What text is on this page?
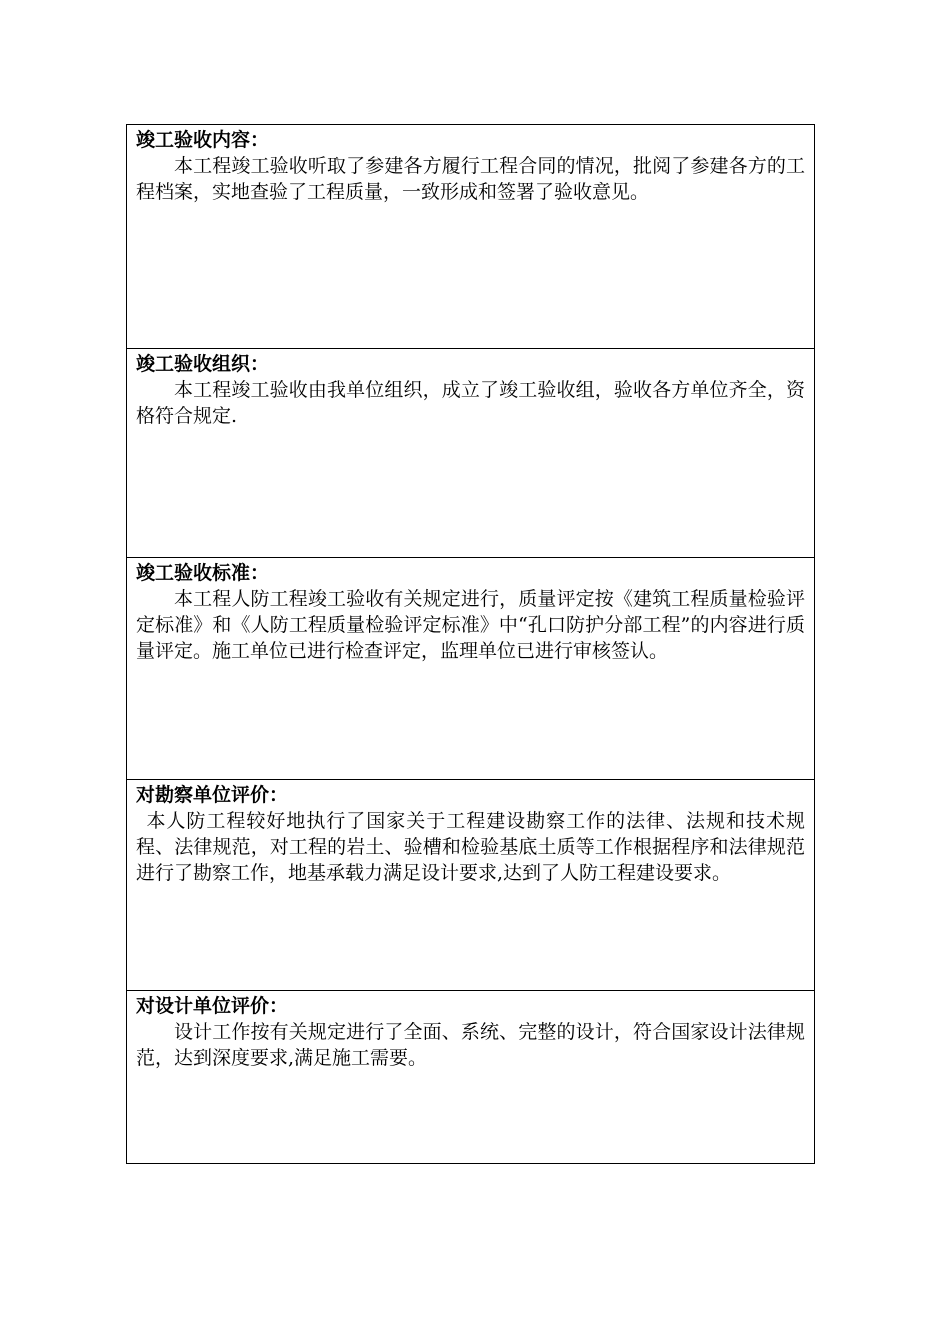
竣工验收内容：

本工程竣工验收听取了参建各方履行工程合同的情况，批阅了参建各方的工程档案，实地查验了工程质量，一致形成和签署了验收意见。

竣工验收组织：

本工程竣工验收由我单位组织，成立了竣工验收组，验收各方单位齐全，资格符合规定.

竣工验收标准：

本工程人防工程竣工验收有关规定进行，质量评定按《建筑工程质量检验评定标准》和《人防工程质量检验评定标准》中“孔口防护分部工程”的内容进行质量评定。施工单位已进行检查评定，监理单位已进行审核签认。

对勘察单位评价：

本人防工程较好地执行了国家关于工程建设勘察工作的法律、法规和技术规程、法律规范，对工程的岩土、验槽和检验基底土质等工作根据程序和法律规范进行了勘察工作，地基承载力满足设计要求,达到了人防工程建设要求。

对设计单位评价：

设计工作按有关规定进行了全面、系统、完整的设计，符合国家设计法律规范，达到深度要求,满足施工需要。
